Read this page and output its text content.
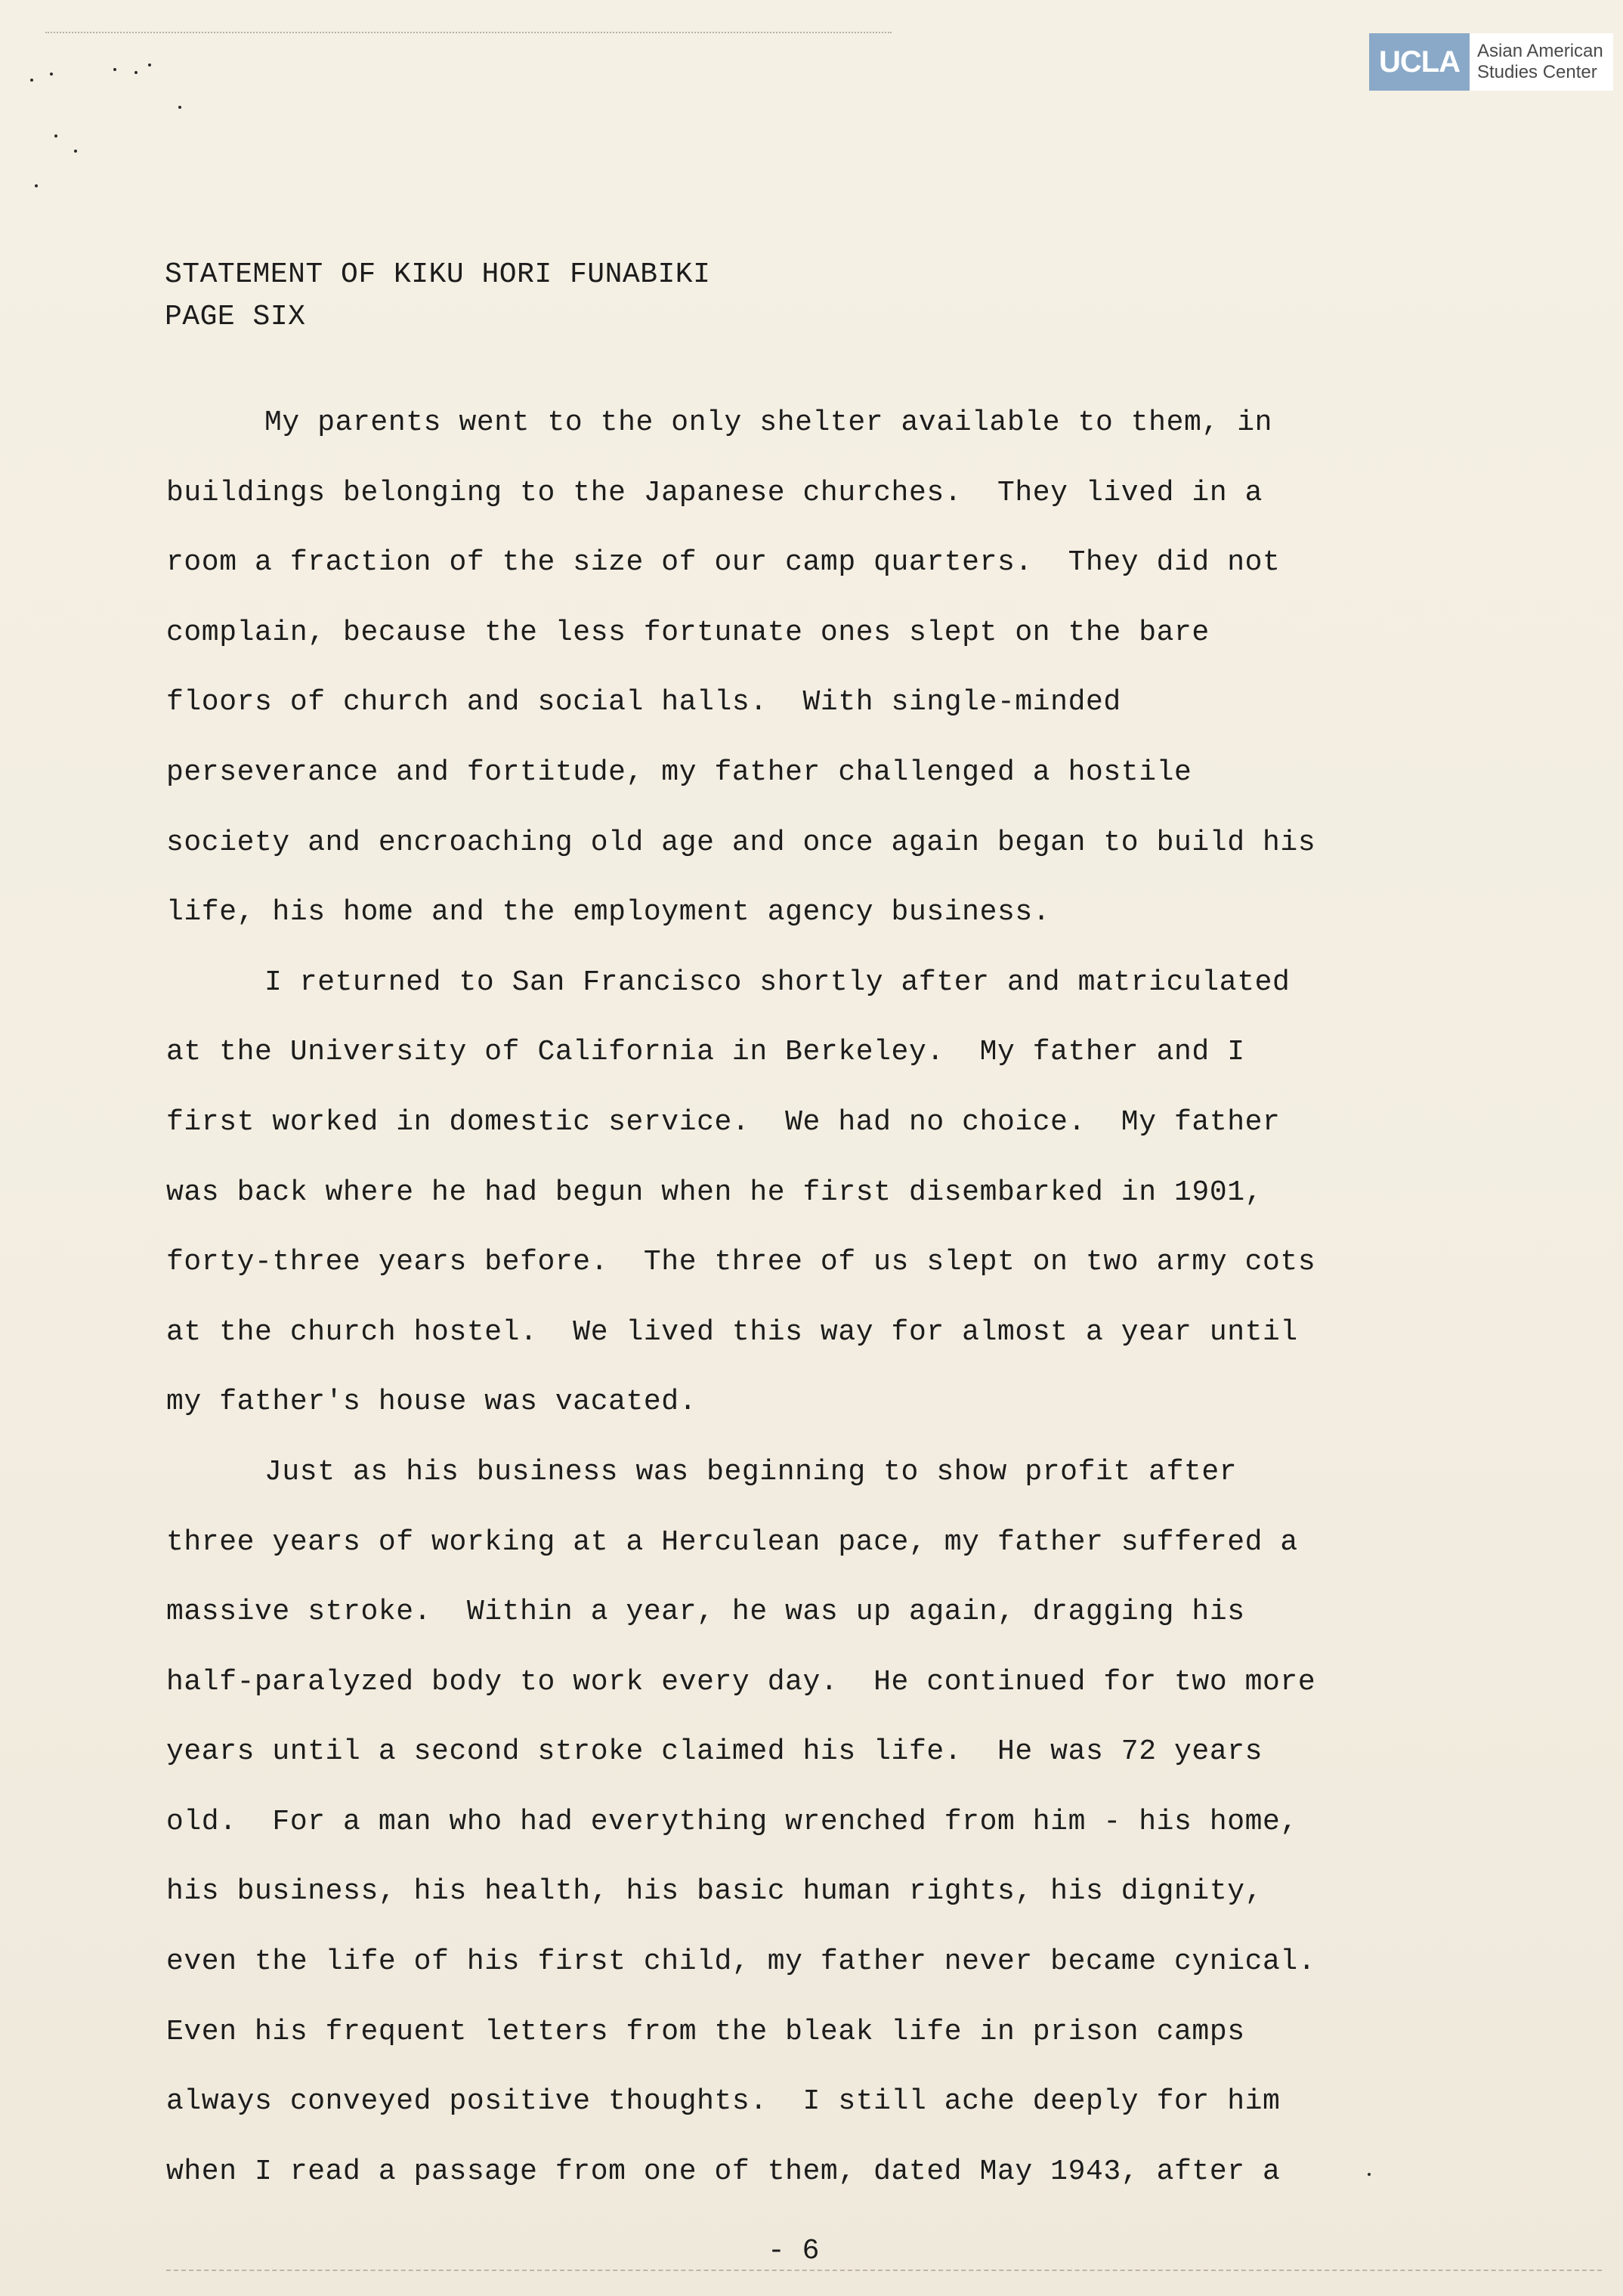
UCLA Asian American
Studies Center
STATEMENT OF KIKU HORI FUNABIKI
PAGE SIX

My parents went to the only shelter available to them, in

buildings belonging to the Japanese churches.  They lived in a

room a fraction of the size of our camp quarters.  They did not

complain, because the less fortunate ones slept on the bare

floors of church and social halls.  With single-minded

perseverance and fortitude, my father challenged a hostile

society and encroaching old age and once again began to build his

life, his home and the employment agency business.

I returned to San Francisco shortly after and matriculated

at the University of California in Berkeley.  My father and I

first worked in domestic service.  We had no choice.  My father

was back where he had begun when he first disembarked in 1901,

forty-three years before.  The three of us slept on two army cots

at the church hostel.  We lived this way for almost a year until

my father's house was vacated.

Just as his business was beginning to show profit after

three years of working at a Herculean pace, my father suffered a

massive stroke.  Within a year, he was up again, dragging his

half-paralyzed body to work every day.  He continued for two more

years until a second stroke claimed his life.  He was 72 years

old.  For a man who had everything wrenched from him - his home,

his business, his health, his basic human rights, his dignity,

even the life of his first child, my father never became cynical.

Even his frequent letters from the bleak life in prison camps

always conveyed positive thoughts.  I still ache deeply for him

when I read a passage from one of them, dated May 1943, after a

- 6
